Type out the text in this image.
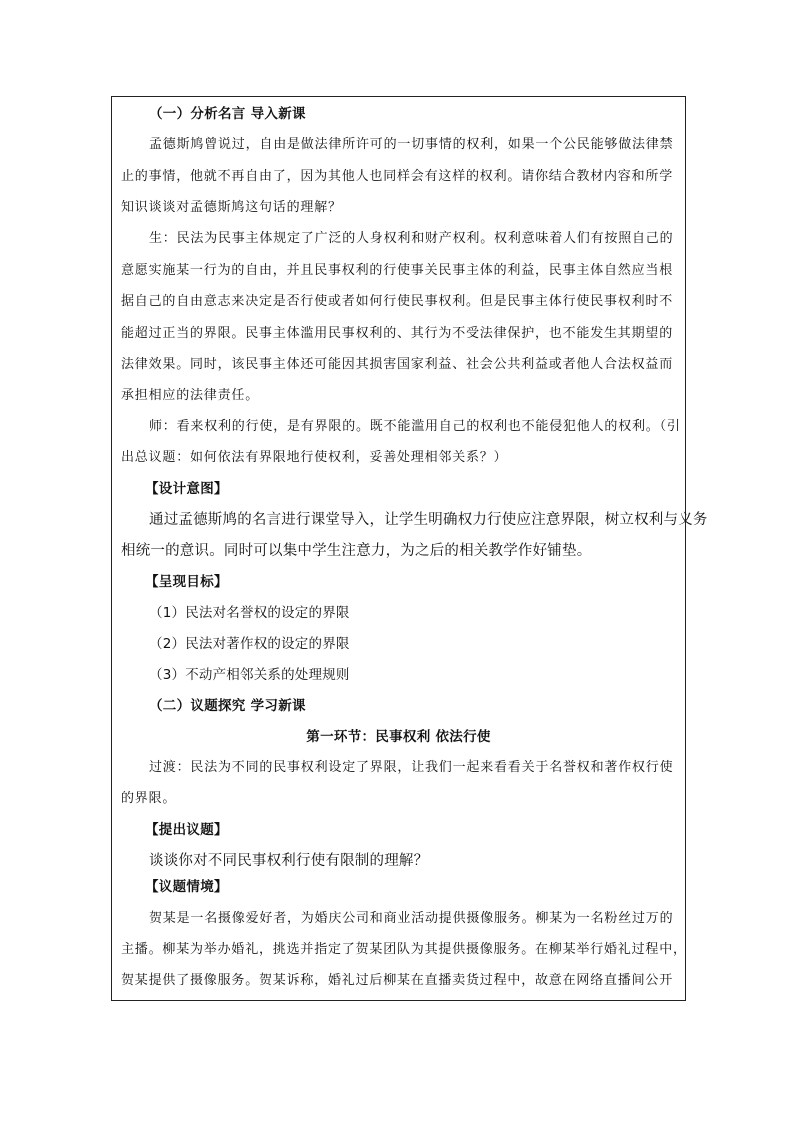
（一）分析名言 导入新课
孟德斯鸠曾说过，自由是做法律所许可的一切事情的权利，如果一个公民能够做法律禁
止的事情，他就不再自由了，因为其他人也同样会有这样的权利。请你结合教材内容和所学
知识谈谈对孟德斯鸠这句话的理解？
生：民法为民事主体规定了广泛的人身权利和财产权利。权利意味着人们有按照自己的
意愿实施某一行为的自由，并且民事权利的行使事关民事主体的利益，民事主体自然应当根
据自己的自由意志来决定是否行使或者如何行使民事权利。但是民事主体行使民事权利时不
能超过正当的界限。民事主体滥用民事权利的、其行为不受法律保护，也不能发生其期望的
法律效果。同时，该民事主体还可能因其损害国家利益、社会公共利益或者他人合法权益而
承担相应的法律责任。
师：看来权利的行使，是有界限的。既不能滥用自己的权利也不能侵犯他人的权利。（引
出总议题：如何依法有界限地行使权利，妥善处理相邻关系？）
【设计意图】
通过孟德斯鸠的名言进行课堂导入，让学生明确权力行使应注意界限，树立权利与义务
相统一的意识。同时可以集中学生注意力，为之后的相关教学作好铺垫。
【呈现目标】
（1）民法对名誉权的设定的界限
（2）民法对著作权的设定的界限
（3）不动产相邻关系的处理规则
（二）议题探究 学习新课
第一环节：民事权利 依法行使
过渡：民法为不同的民事权利设定了界限，让我们一起来看看关于名誉权和著作权行使
的界限。
【提出议题】
谈谈你对不同民事权利行使有限制的理解？
【议题情境】
贺某是一名摄像爱好者，为婚庆公司和商业活动提供摄像服务。柳某为一名粉丝过万的
主播。柳某为举办婚礼，挑选并指定了贺某团队为其提供摄像服务。在柳某举行婚礼过程中，
贺某提供了摄像服务。贺某诉称，婚礼过后柳某在直播卖货过程中，故意在网络直播间公开
